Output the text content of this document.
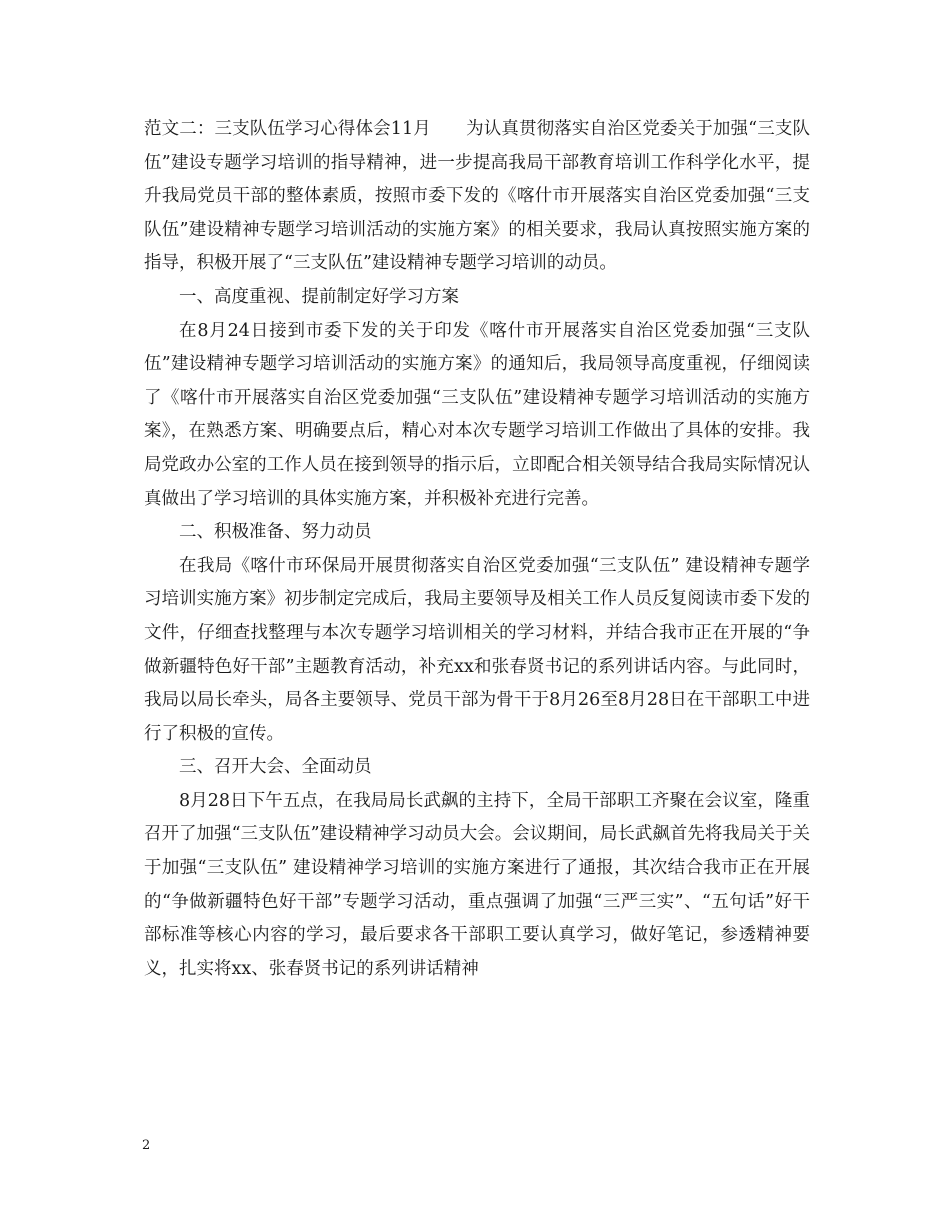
范文二：三支队伍学习心得体会11月　　为认真贯彻落实自治区党委关于加强“三支队伍”建设专题学习培训的指导精神，进一步提高我局干部教育培训工作科学化水平，提升我局党员干部的整体素质，按照市委下发的《喀什市开展落实自治区党委加强“三支队伍”建设精神专题学习培训活动的实施方案》的相关要求，我局认真按照实施方案的指导，积极开展了“三支队伍”建设精神专题学习培训的动员。

一、高度重视、提前制定好学习方案

在8月24日接到市委下发的关于印发《喀什市开展落实自治区党委加强“三支队伍”建设精神专题学习培训活动的实施方案》的通知后，我局领导高度重视，仔细阅读了《喀什市开展落实自治区党委加强“三支队伍”建设精神专题学习培训活动的实施方案》，在熟悉方案、明确要点后，精心对本次专题学习培训工作做出了具体的安排。我局党政办公室的工作人员在接到领导的指示后，立即配合相关领导结合我局实际情况认真做出了学习培训的具体实施方案，并积极补充进行完善。

二、积极准备、努力动员

在我局《喀什市环保局开展贯彻落实自治区党委加强“三支队伍” 建设精神专题学习培训实施方案》初步制定完成后，我局主要领导及相关工作人员反复阅读市委下发的文件，仔细查找整理与本次专题学习培训相关的学习材料，并结合我市正在开展的“争做新疆特色好干部”主题教育活动，补充xx和张春贤书记的系列讲话内容。与此同时，我局以局长牵头，局各主要领导、党员干部为骨干于8月26至8月28日在干部职工中进行了积极的宣传。

三、召开大会、全面动员

8月28日下午五点，在我局局长武飙的主持下，全局干部职工齐聚在会议室，隆重召开了加强“三支队伍”建设精神学习动员大会。会议期间，局长武飙首先将我局关于关于加强“三支队伍” 建设精神学习培训的实施方案进行了通报，其次结合我市正在开展的“争做新疆特色好干部”专题学习活动，重点强调了加强“三严三实”、“五句话”好干部标准等核心内容的学习，最后要求各干部职工要认真学习，做好笔记，参透精神要义，扎实将xx、张春贤书记的系列讲话精神

2
